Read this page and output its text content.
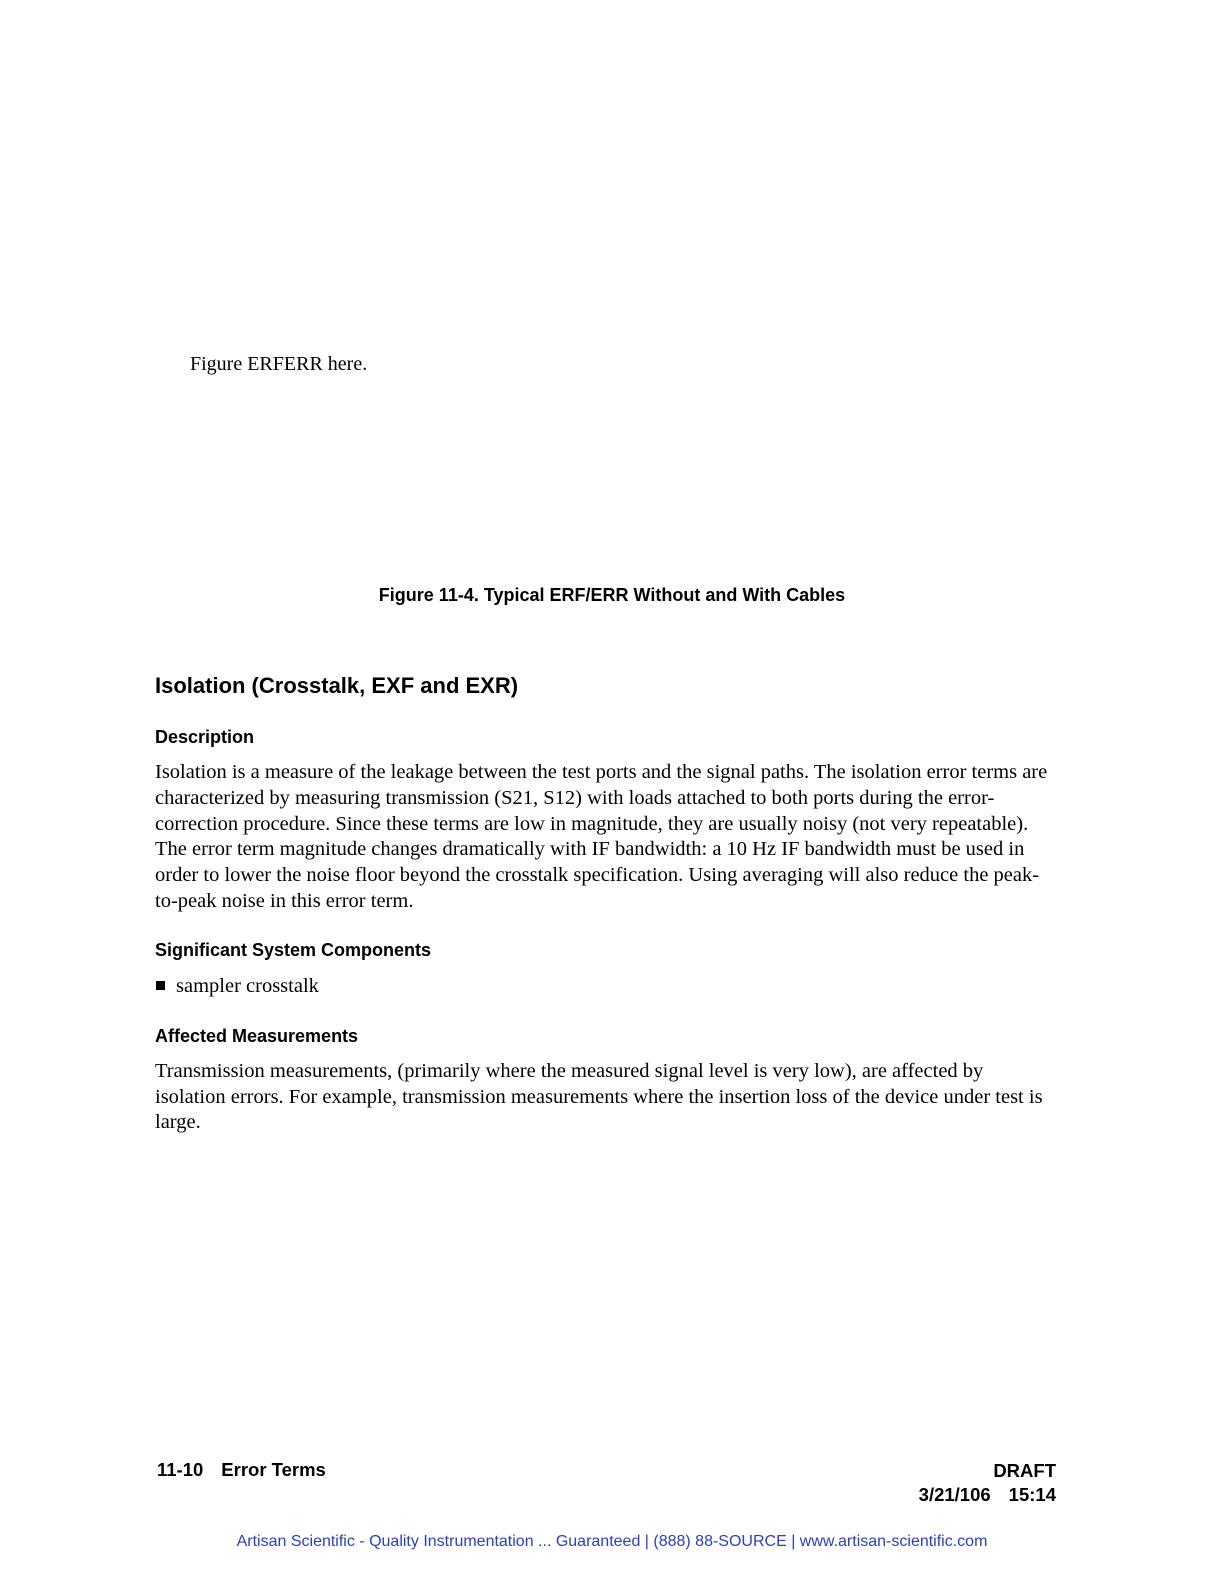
Figure ERFERR here.
Figure 11-4. Typical ERF/ERR Without and With Cables
Isolation (Crosstalk, EXF and EXR)
Description

Isolation is a measure of the leakage between the test ports and the signal paths. The isolation error terms are characterized by measuring transmission (S21, S12) with loads attached to both ports during the error-correction procedure. Since these terms are low in magnitude, they are usually noisy (not very repeatable). The error term magnitude changes dramatically with IF bandwidth: a 10 Hz IF bandwidth must be used in order to lower the noise floor beyond the crosstalk specification. Using averaging will also reduce the peak-to-peak noise in this error term.

Significant System Components
sampler crosstalk
Affected Measurements

Transmission measurements, (primarily where the measured signal level is very low), are affected by isolation errors. For example, transmission measurements where the insertion loss of the device under test is large.

11-10 Error Terms	DRAFT
3/21/106 15:14
Artisan Scientific - Quality Instrumentation ... Guaranteed | (888) 88-SOURCE | www.artisan-scientific.com
